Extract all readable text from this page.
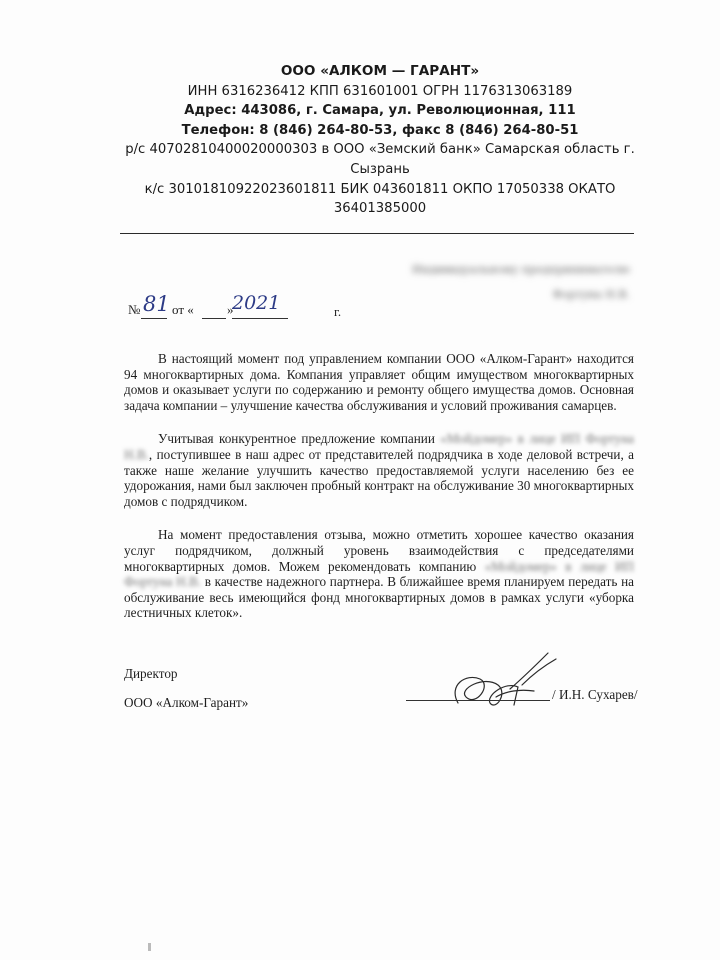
ООО «АЛКОМ — ГАРАНТ»
ИНН 6316236412 КПП 631601001 ОГРН 1176313063189
Адрес: 443086, г. Самара, ул. Революционная, 111
Телефон: 8 (846) 264-80-53, факс 8 (846) 264-80-51
р/с 40702810400020000303 в ООО «Земский банк» Самарская область г. Сызрань
к/с 30101810922023601811 БИК 043601811 ОКПО 17050338 ОКАТО 36401385000
Индивидуальному предпринимателю
Фортуна Н.В.
№ 81 от «	»
2021	г.

В настоящий момент под управлением компании ООО «Алком-Гарант» находится 94 многоквартирных дома. Компания управляет общим имуществом многоквартирных домов и оказывает услуги по содержанию и ремонту общего имущества домов. Основная задача компании – улучшение качества обслуживания и условий проживания самарцев.

Учитывая конкурентное предложение компании «Мойдомер» в лице ИП Фортуна Н.В., поступившее в наш адрес от представителей подрядчика в ходе деловой встречи, а также наше желание улучшить качество предоставляемой услуги населению без ее удорожания, нами был заключен пробный контракт на обслуживание 30 многоквартирных домов с подрядчиком.

На момент предоставления отзыва, можно отметить хорошее качество оказания услуг подрядчиком, должный уровень взаимодействия с председателями многоквартирных домов. Можем рекомендовать компанию «Мойдомер» в лице ИП Фортуна Н.В. в качестве надежного партнера. В ближайшее время планируем передать на обслуживание весь имеющийся фонд многоквартирных домов в рамках услуги «уборка лестничных клеток».

Директор
ООО «Алком-Гарант»
/ И.Н. Сухарев/
